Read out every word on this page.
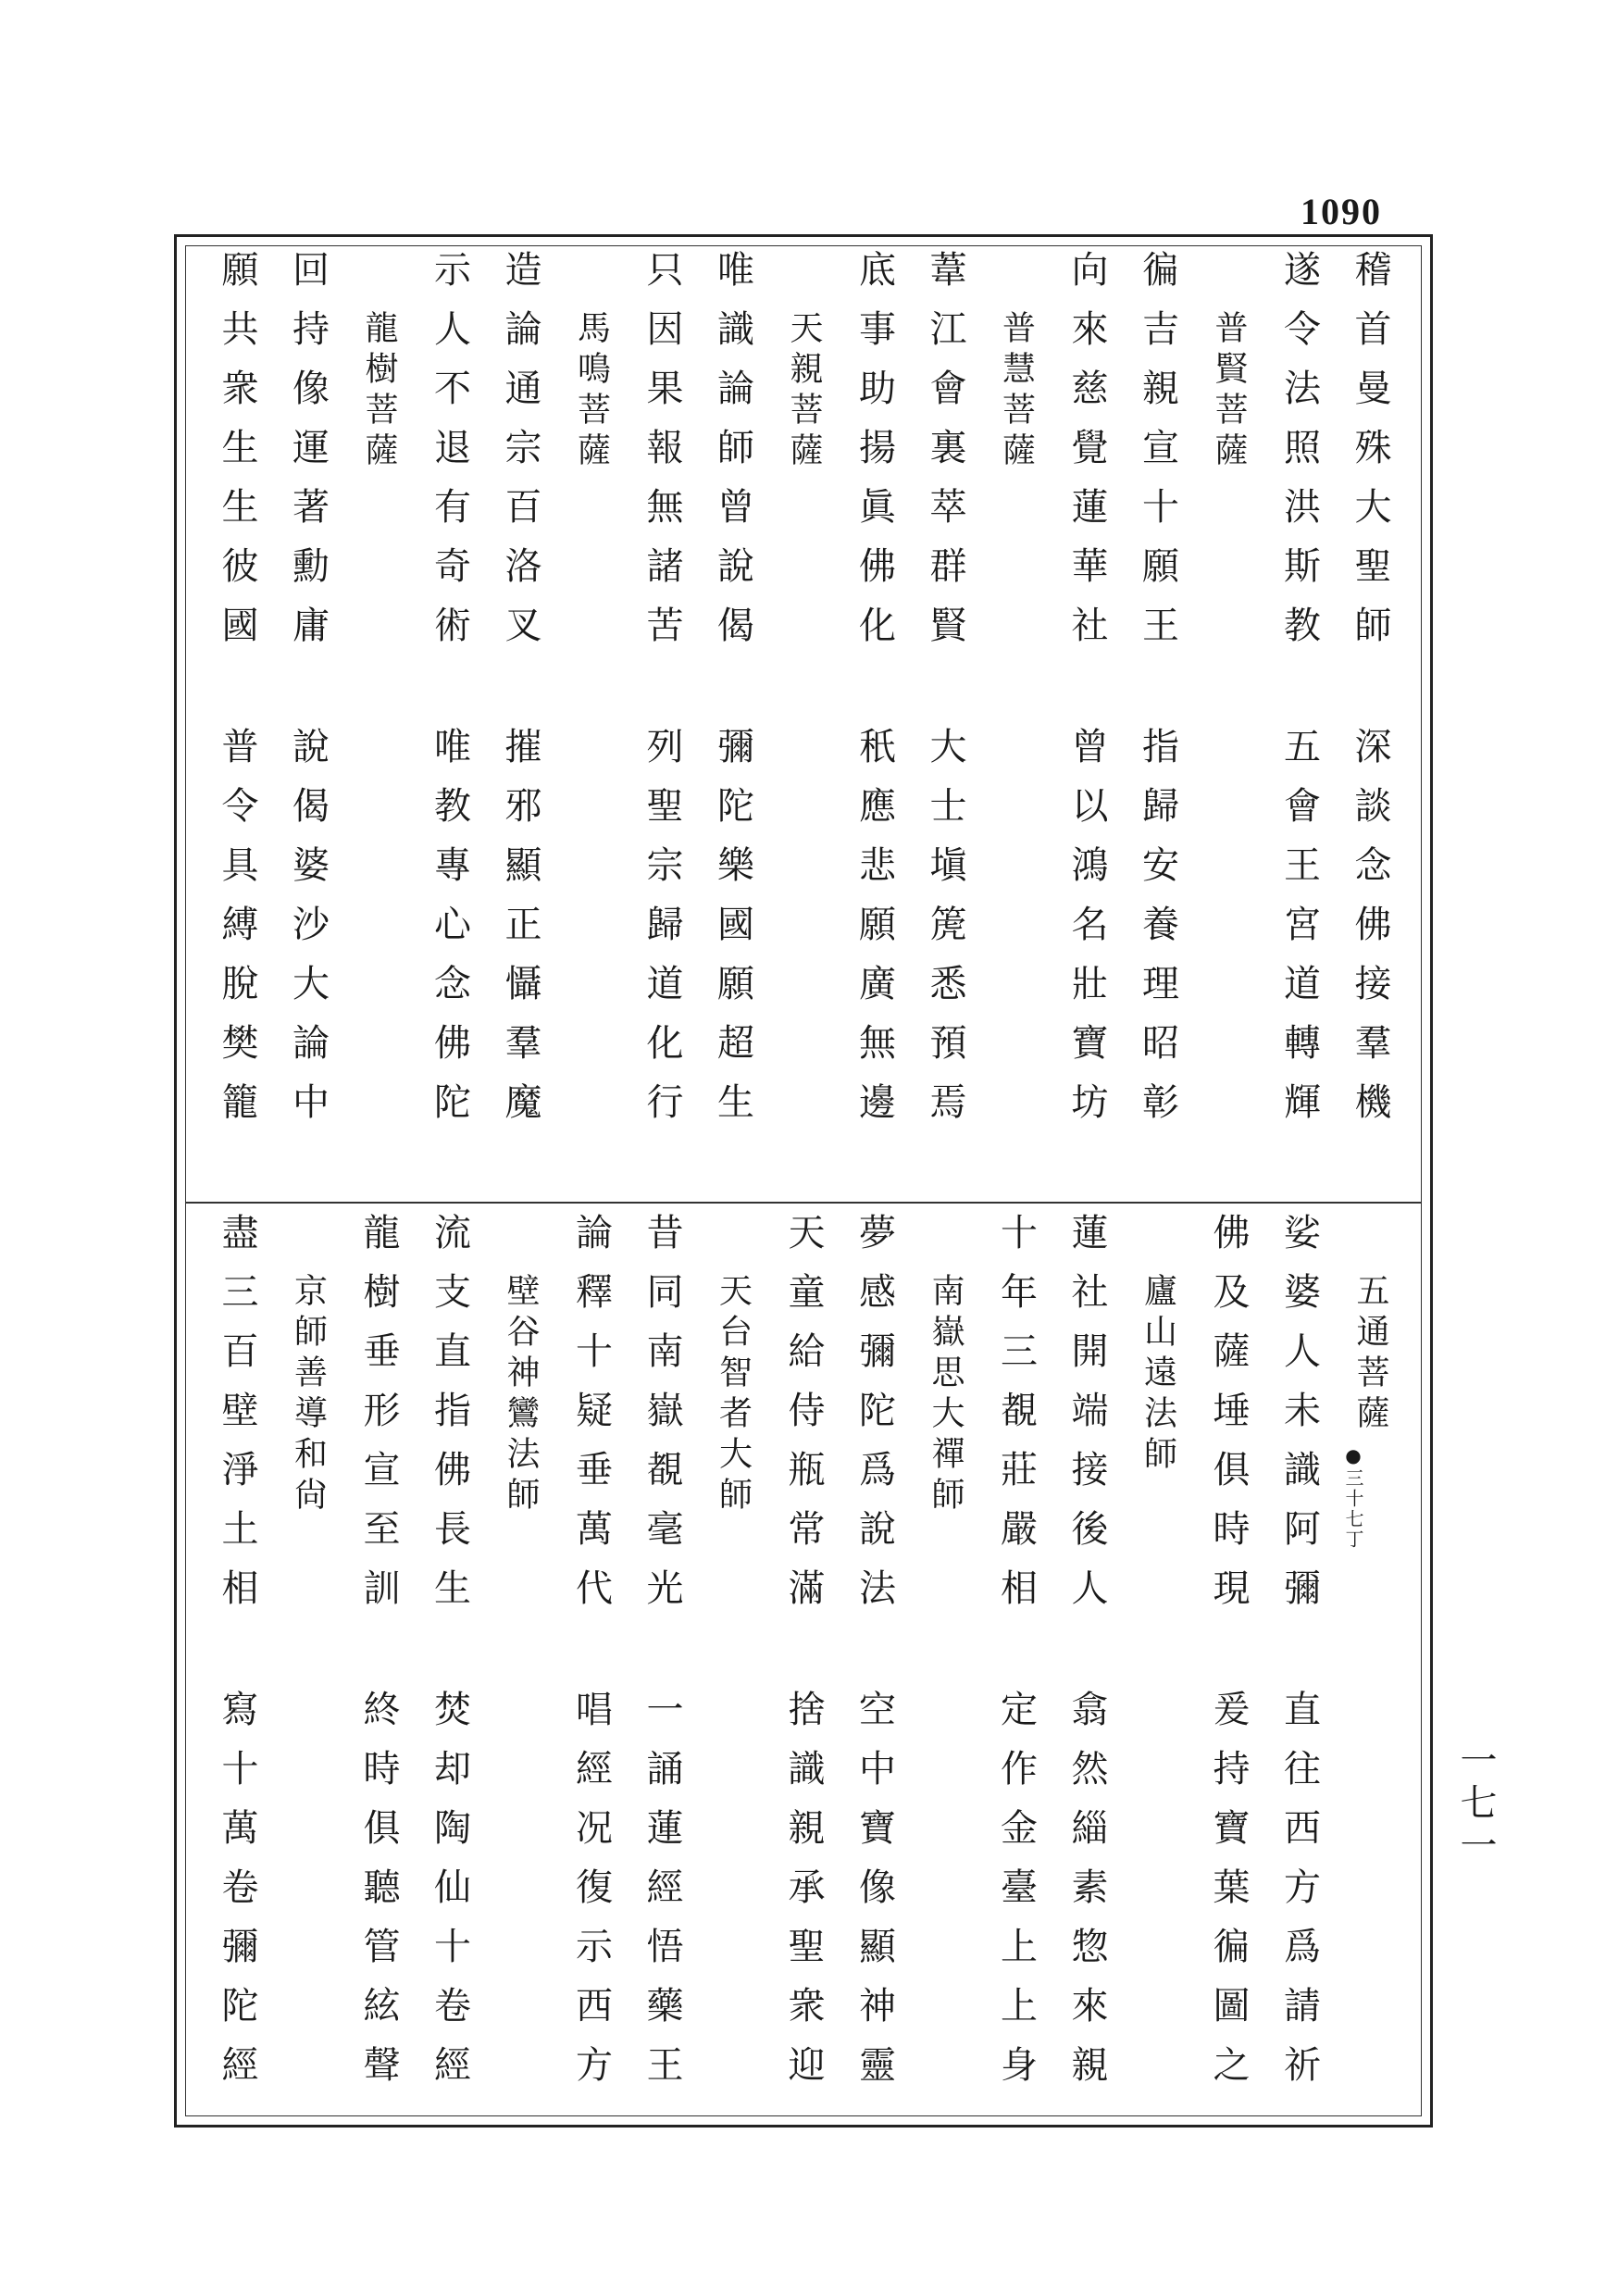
1090
一七一
稽首曼殊大聖師
深談念佛接羣機
遂令法照洪斯教
五會王宮道轉輝
普賢菩薩
徧吉親宣十願王
指歸安養理昭彰
向來慈覺蓮華社
曾以鴻名壯寶坊
普慧菩薩
葦江會裏萃群賢
大士塡箎悉預焉
底事助揚眞佛化
秖應悲願廣無邊
天親菩薩
唯識論師曾說偈
彌陀樂國願超生
只因果報無諸苦
列聖宗歸道化行
馬鳴菩薩
造論通宗百洛叉
摧邪顯正懾羣魔
示人不退有奇術
唯教專心念佛陀
龍樹菩薩
回持像運著勳庸
說偈婆沙大論中
願共衆生生彼國
普令具縛脫樊籠
五通菩薩
●三十七丁
娑婆人未識阿彌
直往西方爲請祈
佛及薩埵俱時現
爰持寶葉徧圖之
廬山遠法師
蓮社開端接後人
翕然緇素惣來親
十年三覩莊嚴相
定作金臺上上身
南嶽思大禪師
夢感彌陀爲說法
空中寶像顯神靈
天童給侍瓶常滿
捨識親承聖衆迎
天台智者大師
昔同南嶽覩毫光
一誦蓮經悟藥王
論釋十疑垂萬代
唱經况復示西方
壁谷神鸞法師
流支直指佛長生
焚却陶仙十卷經
龍樹垂形宣至訓
終時俱聽管絃聲
京師善導和尙
盡三百壁淨土相
寫十萬卷彌陀經
